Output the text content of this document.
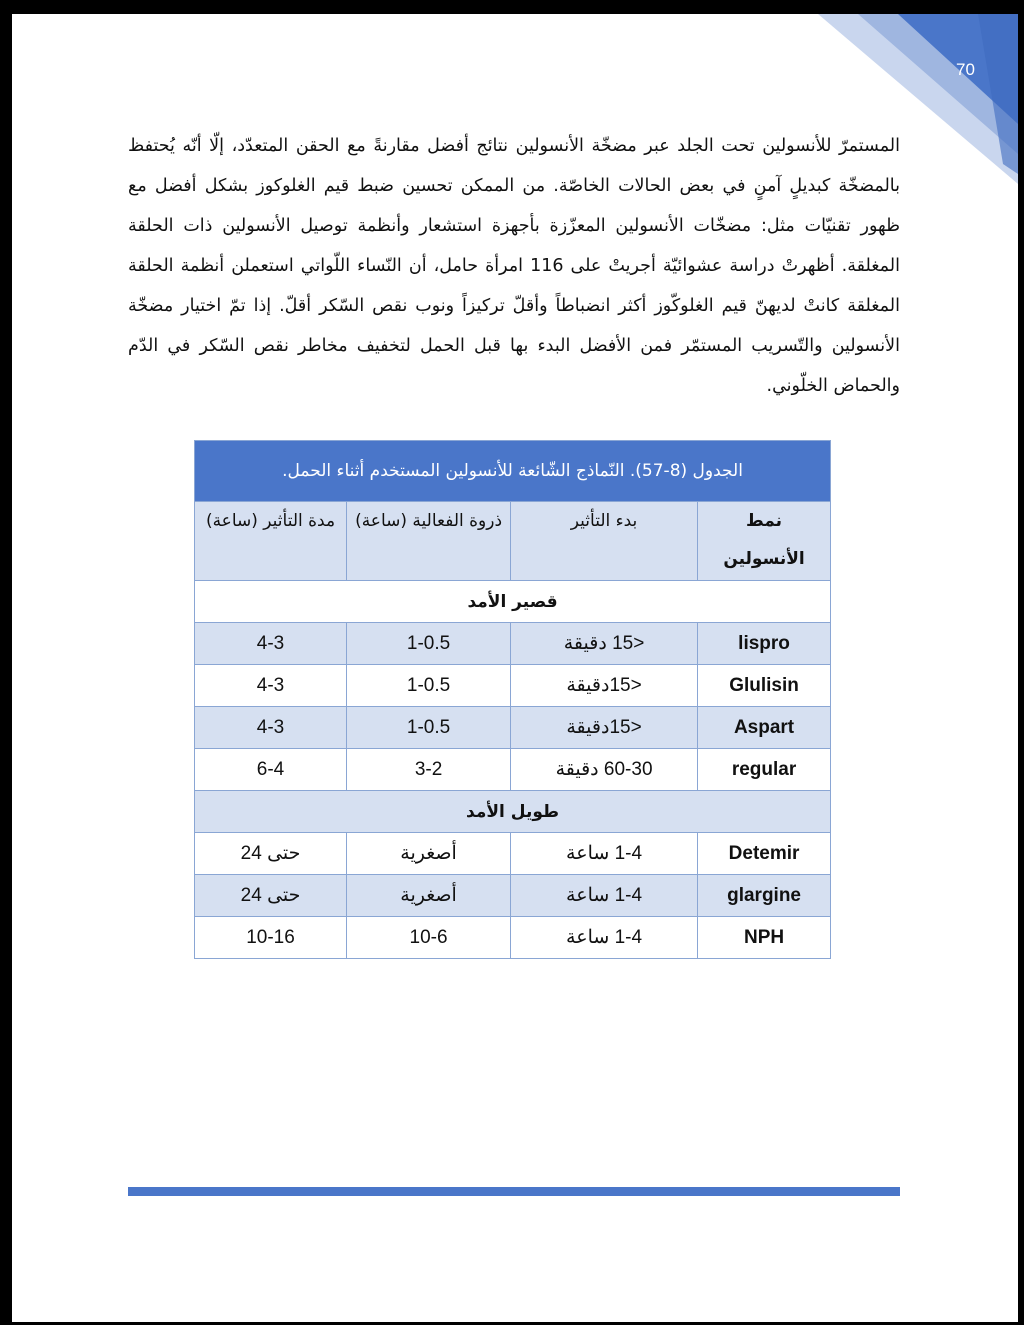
70

المستمرّ للأنسولين تحت الجلد عبر مضخّة الأنسولين نتائج أفضل مقارنةً مع الحقن المتعدّد، إلّا أنّه يُحتفظ بالمضخّة كبديلٍ آمنٍ في بعض الحالات الخاصّة. من الممكن تحسين ضبط قيم الغلوكوز بشكل أفضل مع ظهور تقنيّات مثل: مضخّات الأنسولين المعزّزة بأجهزة استشعار وأنظمة توصيل الأنسولين ذات الحلقة المغلقة. أظهرتْ دراسة عشوائيّة أجريتْ على 116 امرأة حامل، أن النّساء اللّواتي استعملن أنظمة الحلقة المغلقة كانتْ لديهنّ قيم الغلوكّوز أكثر انضباطاً وأقلّ تركيزاً ونوب نقص السّكر أقلّ. إذا تمّ اختيار مضخّة الأنسولين والتّسريب المستمّر فمن الأفضل البدء بها قبل الحمل لتخفيف مخاطر نقص السّكر في الدّم والحماض الخلّوني.

الجدول (8-57). النّماذج الشّائعة للأنسولين المستخدم أثناء الحمل.			
نمط الأنسولين	بدء التأثير	ذروة الفعالية (ساعة)	مدة التأثير (ساعة)
قصير الأمد			
lispro	<15 دقيقة	1-0.5	4-3
Glulisin	<15دقيقة	1-0.5	4-3
Aspart	<15دقيقة	1-0.5	4-3
regular	60-30 دقيقة	3-2	6-4
طويل الأمد			
Detemir	1-4 ساعة	أصغرية	حتى 24
glargine	1-4 ساعة	أصغرية	حتى 24
NPH	1-4 ساعة	10-6	10-16
